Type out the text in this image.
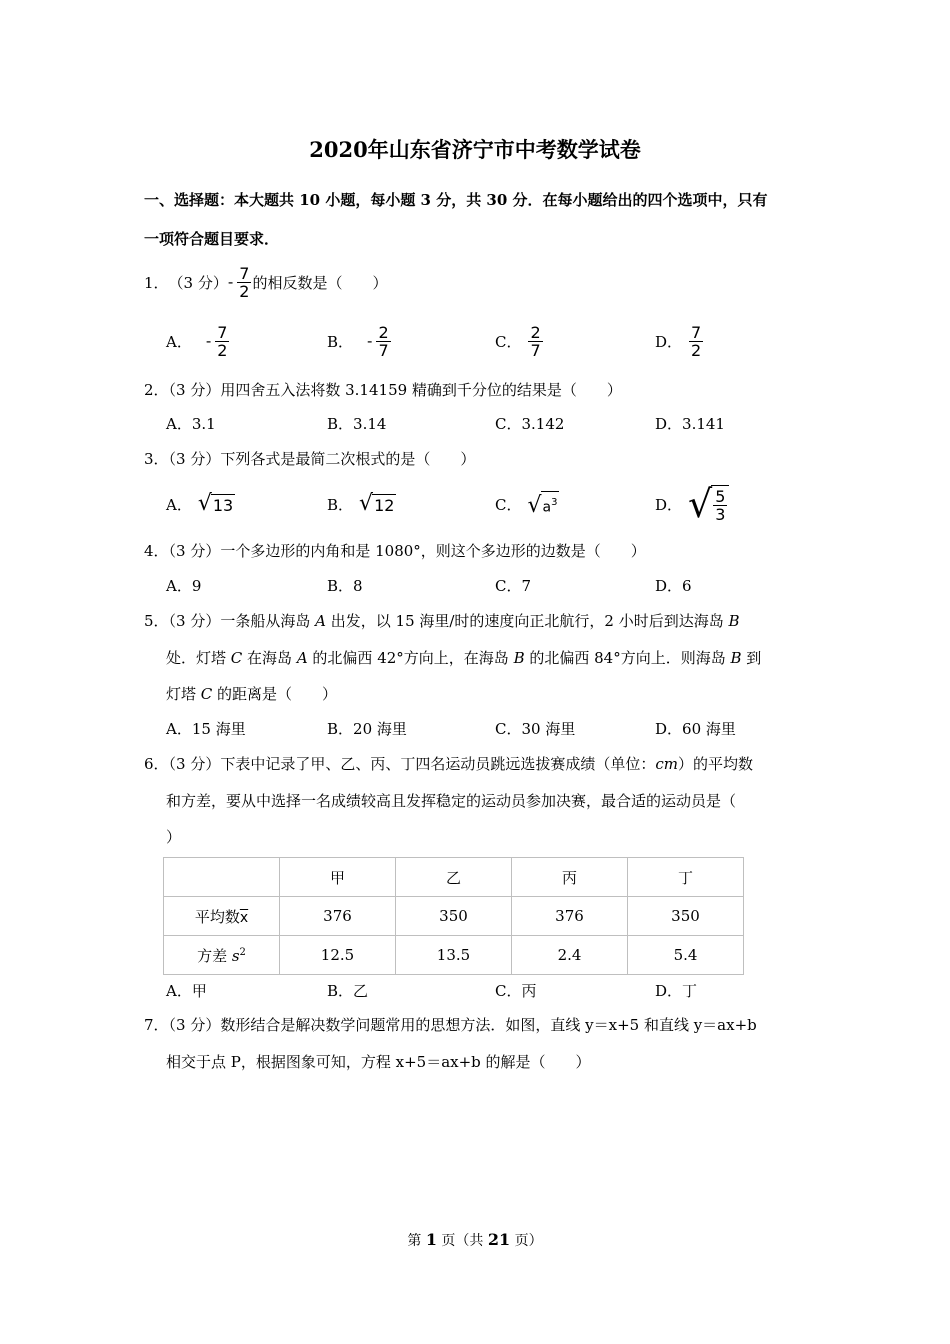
2020年山东省济宁市中考数学试卷
一、选择题：本大题共 10 小题，每小题 3 分，共 30 分．在每小题给出的四个选项中，只有
一项符合题目要求．
1． （3 分） - $\frac{7}{2}$ 的相反数是（　　）
A． - $\frac{7}{2}$	B． - $\frac{2}{7}$	C． $\frac{2}{7}$	D． $\frac{7}{2}$
2．（3 分）用四舍五入法将数 3.14159 精确到千分位的结果是（　　）
A．3.1	B．3.14	C．3.142	D．3.141
3．（3 分）下列各式是最简二次根式的是（　　）
A． √ 13	B． √ 12	C． √ $a^3$	D． √ $\frac{5}{3}$
4．（3 分）一个多边形的内角和是 1080°，则这个多边形的边数是（　　）
A．9	B．8	C．7	D．6
5．（3 分）一条船从海岛 A 出发，以 15 海里/时的速度向正北航行，2 小时后到达海岛 B
处．灯塔 C 在海岛 A 的北偏西 42°方向上，在海岛 B 的北偏西 84°方向上．则海岛 B 到
灯塔 C 的距离是（　　）
A．15 海里	B．20 海里	C．30 海里	D．60 海里
6．（3 分）下表中记录了甲、乙、丙、丁四名运动员跳远选拔赛成绩（单位：cm）的平均数
和方差，要从中选择一名成绩较高且发挥稳定的运动员参加决赛，最合适的运动员是（
）
	甲	乙	丙	丁
平均数$\overline{x}$	376	350	376	350
方差 $s^2$	12.5	13.5	2.4	5.4
A．甲	B．乙	C．丙	D．丁
7．（3 分）数形结合是解决数学问题常用的思想方法．如图，直线 y＝x+5 和直线 y＝ax+b
相交于点 P，根据图象可知，方程 x+5＝ax+b 的解是（　　）
第 1 页（共 21 页）
